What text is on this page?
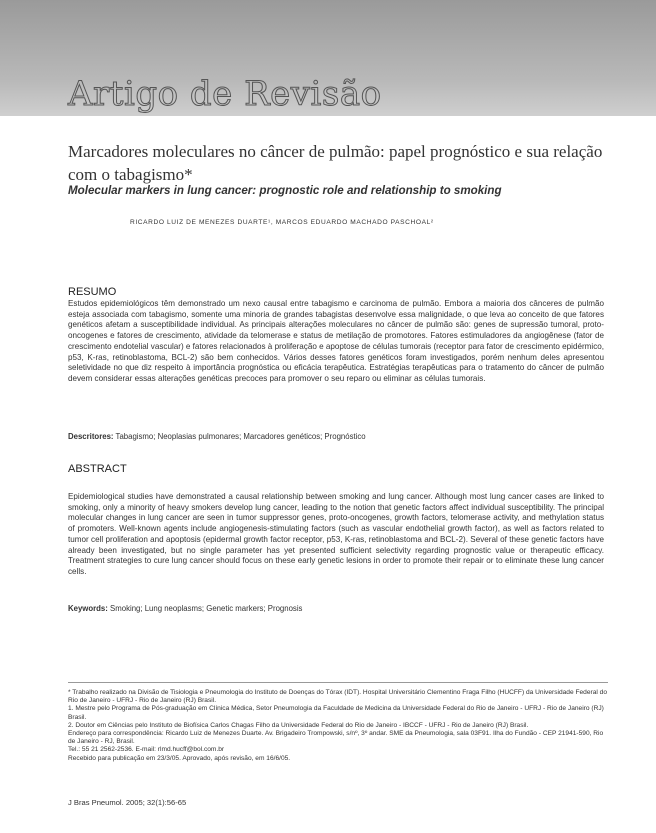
Artigo de Revisão
Marcadores moleculares no câncer de pulmão: papel prognóstico e sua relação com o tabagismo*
Molecular markers in lung cancer: prognostic role and relationship to smoking
RICARDO LUIZ DE MENEZES DUARTE¹, MARCOS EDUARDO MACHADO PASCHOAL²
RESUMO

Estudos epidemiológicos têm demonstrado um nexo causal entre tabagismo e carcinoma de pulmão. Embora a maioria dos cânceres de pulmão esteja associada com tabagismo, somente uma minoria de grandes tabagistas desenvolve essa malignidade, o que leva ao conceito de que fatores genéticos afetam a susceptibilidade individual. As principais alterações moleculares no câncer de pulmão são: genes de supressão tumoral, proto-oncogenes e fatores de crescimento, atividade da telomerase e status de metilação de promotores. Fatores estimuladores da angiogênese (fator de crescimento endotelial vascular) e fatores relacionados à proliferação e apoptose de células tumorais (receptor para fator de crescimento epidérmico, p53, K-ras, retinoblastoma, BCL-2) são bem conhecidos. Vários desses fatores genéticos foram investigados, porém nenhum deles apresentou seletividade no que diz respeito à importância prognóstica ou eficácia terapêutica. Estratégias terapêuticas para o tratamento do câncer de pulmão devem considerar essas alterações genéticas precoces para promover o seu reparo ou eliminar as células tumorais.

Descritores: Tabagismo; Neoplasias pulmonares; Marcadores genéticos; Prognóstico
ABSTRACT

Epidemiological studies have demonstrated a causal relationship between smoking and lung cancer. Although most lung cancer cases are linked to smoking, only a minority of heavy smokers develop lung cancer, leading to the notion that genetic factors affect individual susceptibility. The principal molecular changes in lung cancer are seen in tumor suppressor genes, proto-oncogenes, growth factors, telomerase activity, and methylation status of promoters. Well-known agents include angiogenesis-stimulating factors (such as vascular endothelial growth factor), as well as factors related to tumor cell proliferation and apoptosis (epidermal growth factor receptor, p53, K-ras, retinoblastoma and BCL-2). Several of these genetic factors have already been investigated, but no single parameter has yet presented sufficient selectivity regarding prognostic value or therapeutic efficacy. Treatment strategies to cure lung cancer should focus on these early genetic lesions in order to promote their repair or to eliminate these lung cancer cells.

Keywords: Smoking; Lung neoplasms; Genetic markers; Prognosis
* Trabalho realizado na Divisão de Tisiologia e Pneumologia do Instituto de Doenças do Tórax (IDT). Hospital Universitário Clementino Fraga Filho (HUCFF) da Universidade Federal do Rio de Janeiro - UFRJ - Rio de Janeiro (RJ) Brasil.
1. Mestre pelo Programa de Pós-graduação em Clínica Médica, Setor Pneumologia da Faculdade de Medicina da Universidade Federal do Rio de Janeiro - UFRJ - Rio de Janeiro (RJ) Brasil.
2. Doutor em Ciências pelo Instituto de Biofísica Carlos Chagas Filho da Universidade Federal do Rio de Janeiro - IBCCF - UFRJ - Rio de Janeiro (RJ) Brasil.
Endereço para correspondência: Ricardo Luiz de Menezes Duarte. Av. Brigadeiro Trompowski, s/nº, 3º andar. SME da Pneumologia, sala 03F91. Ilha do Fundão - CEP 21941-590, Rio de Janeiro - RJ, Brasil.
Tel.: 55 21 2562-2536. E-mail: rlmd.hucff@bol.com.br
Recebido para publicação em 23/3/05. Aprovado, após revisão, em 16/6/05.
J Bras Pneumol. 2005; 32(1):56-65
